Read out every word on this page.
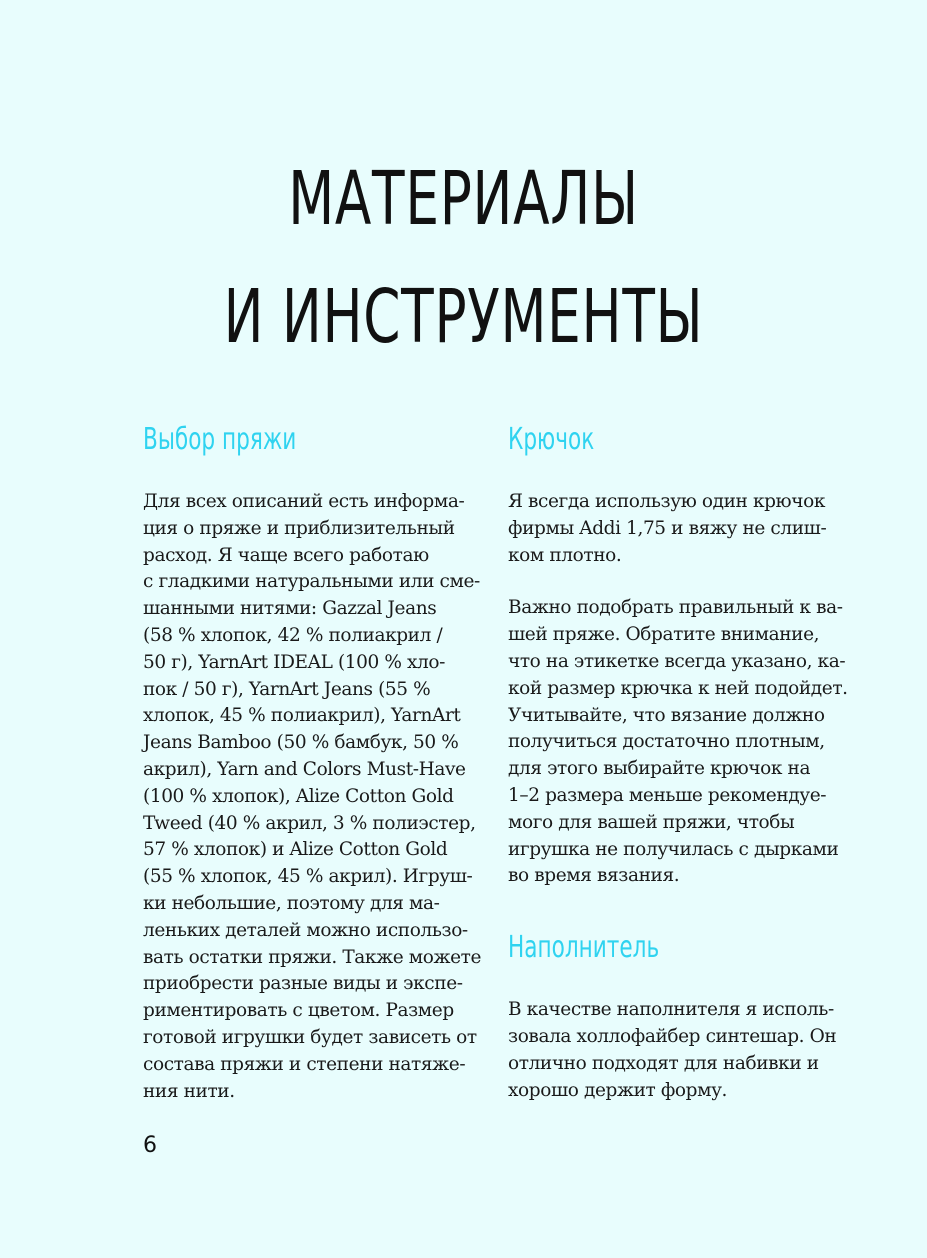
МАТЕРИАЛЫ
И ИНСТРУМЕНТЫ
Выбор пряжи

Для всех описаний есть информа-
ция о пряже и приблизительный
расход. Я чаще всего работаю
с гладкими натуральными или сме-
шанными нитями: Gazzal Jeans
(58 % хлопок, 42 % полиакрил /
50 г), YarnArt IDEAL (100 % хло-
пок / 50 г), YarnArt Jeans (55 %
хлопок, 45 % полиакрил), YarnArt
Jeans Bamboo (50 % бамбук, 50 %
акрил), Yarn and Colors Must-Have
(100 % хлопок), Alize Cotton Gold
Tweed (40 % акрил, 3 % полиэстер,
57 % хлопок) и Alize Cotton Gold
(55 % хлопок, 45 % акрил). Игруш-
ки небольшие, поэтому для ма-
леньких деталей можно использо-
вать остатки пряжи. Также можете
приобрести разные виды и экспе-
риментировать с цветом. Размер
готовой игрушки будет зависеть от
состава пряжи и степени натяже-
ния нити.

Крючок

Я всегда использую один крючок
фирмы Addi 1,75 и вяжу не слиш-
ком плотно.

Важно подобрать правильный к ва-
шей пряже. Обратите внимание,
что на этикетке всегда указано, ка-
кой размер крючка к ней подойдет.
Учитывайте, что вязание должно
получиться достаточно плотным,
для этого выбирайте крючок на
1–2 размера меньше рекомендуе-
мого для вашей пряжи, чтобы
игрушка не получилась с дырками
во время вязания.

Наполнитель

В качестве наполнителя я исполь-
зовала холлофайбер синтешар. Он
отлично подходят для набивки и
хорошо держит форму.

6
